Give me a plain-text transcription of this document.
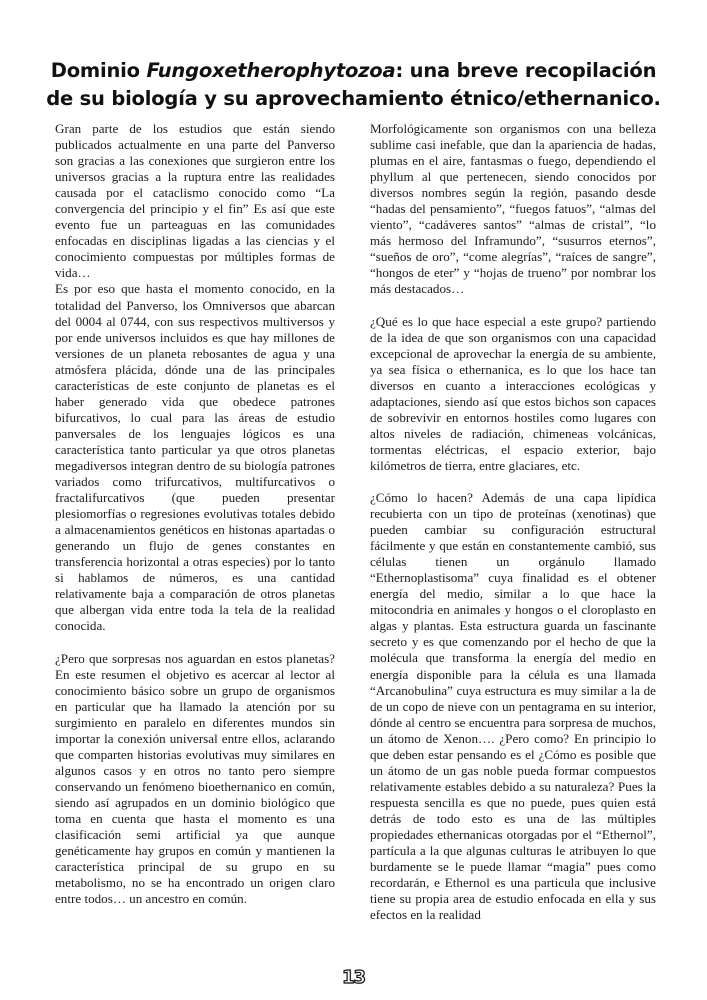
Dominio Fungoxetherophytozoa: una breve recopilación de su biología y su aprovechamiento étnico/ethernanico.

Gran parte de los estudios que están siendo publicados actualmente en una parte del Panverso son gracias a las conexiones que surgieron entre los universos gracias a la ruptura entre las realidades causada por el cataclismo conocido como “La convergencia del principio y el fin” Es así que este evento fue un parteaguas en las comunidades enfocadas en disciplinas ligadas a las ciencias y el conocimiento compuestas por múltiples formas de vida…

Es por eso que hasta el momento conocido, en la totalidad del Panverso, los Omniversos que abarcan del 0004 al 0744, con sus respectivos multiversos y por ende universos incluidos es que hay millones de versiones de un planeta rebosantes de agua y una atmósfera plácida, dónde una de las principales características de este conjunto de planetas es el haber generado vida que obedece patrones bifurcativos, lo cual para las áreas de estudio panversales de los lenguajes lógicos es una característica tanto particular ya que otros planetas megadiversos integran dentro de su biología patrones variados como trifurcativos, multifurcativos o fractalifurcativos (que pueden presentar plesiomorfías o regresiones evolutivas totales debido a almacenamientos genéticos en histonas apartadas o generando un flujo de genes constantes en transferencia horizontal a otras especies) por lo tanto si hablamos de números, es una cantidad relativamente baja a comparación de otros planetas que albergan vida entre toda la tela de la realidad conocida.

¿Pero que sorpresas nos aguardan en estos planetas? En este resumen el objetivo es acercar al lector al conocimiento básico sobre un grupo de organismos en particular que ha llamado la atención por su surgimiento en paralelo en diferentes mundos sin importar la conexión universal entre ellos, aclarando que comparten historias evolutivas muy similares en algunos casos y en otros no tanto pero siempre conservando un fenómeno bioethernanico en común, siendo así agrupados en un dominio biológico que toma en cuenta que hasta el momento es una clasificación semi artificial ya que aunque genéticamente hay grupos en común y mantienen la característica principal de su grupo en su metabolismo, no se ha encontrado un origen claro entre todos… un ancestro en común.

Morfológicamente son organismos con una belleza sublime casi inefable, que dan la apariencia de hadas, plumas en el aire, fantasmas o fuego, dependiendo el phyllum al que pertenecen, siendo conocidos por diversos nombres según la región, pasando desde “hadas del pensamiento”, “fuegos fatuos”, “almas del viento”, “cadáveres santos” “almas de cristal”, “lo más hermoso del Inframundo”, “susurros eternos”, “sueños de oro”, “come alegrías”, “raíces de sangre”, “hongos de eter” y “hojas de trueno” por nombrar los más destacados…

¿Qué es lo que hace especial a este grupo? partiendo de la idea de que son organismos con una capacidad excepcional de aprovechar la energía de su ambiente, ya sea física o ethernanica, es lo que los hace tan diversos en cuanto a interacciones ecológicas y adaptaciones, siendo así que estos bichos son capaces de sobrevivir en entornos hostiles como lugares con altos niveles de radiación, chimeneas volcánicas, tormentas eléctricas, el espacio exterior, bajo kilómetros de tierra, entre glaciares, etc.

¿Cómo lo hacen? Además de una capa lipídica recubierta con un tipo de proteínas (xenotinas) que pueden cambiar su configuración estructural fácilmente y que están en constantemente cambió, sus células tienen un orgánulo llamado “Ethernoplastisoma” cuya finalidad es el obtener energía del medio, similar a lo que hace la mitocondria en animales y hongos o el cloroplasto en algas y plantas. Esta estructura guarda un fascinante secreto y es que comenzando por el hecho de que la molécula que transforma la energía del medio en energía disponible para la célula es una llamada “Arcanobulina” cuya estructura es muy similar a la de de un copo de nieve con un pentagrama en su interior, dónde al centro se encuentra para sorpresa de muchos, un átomo de Xenon…. ¿Pero como? En principio lo que deben estar pensando es el ¿Cómo es posible que un átomo de un gas noble pueda formar compuestos relativamente estables debido a su naturaleza? Pues la respuesta sencilla es que no puede, pues quien está detrás de todo esto es una de las múltiples propiedades ethernanicas otorgadas por el “Ethernol”, partícula a la que algunas culturas le atribuyen lo que burdamente se le puede llamar “magia” pues como recordarán, e Ethernol es una particula que inclusive tiene su propia area de estudio enfocada en ella y sus efectos en la realidad

13
